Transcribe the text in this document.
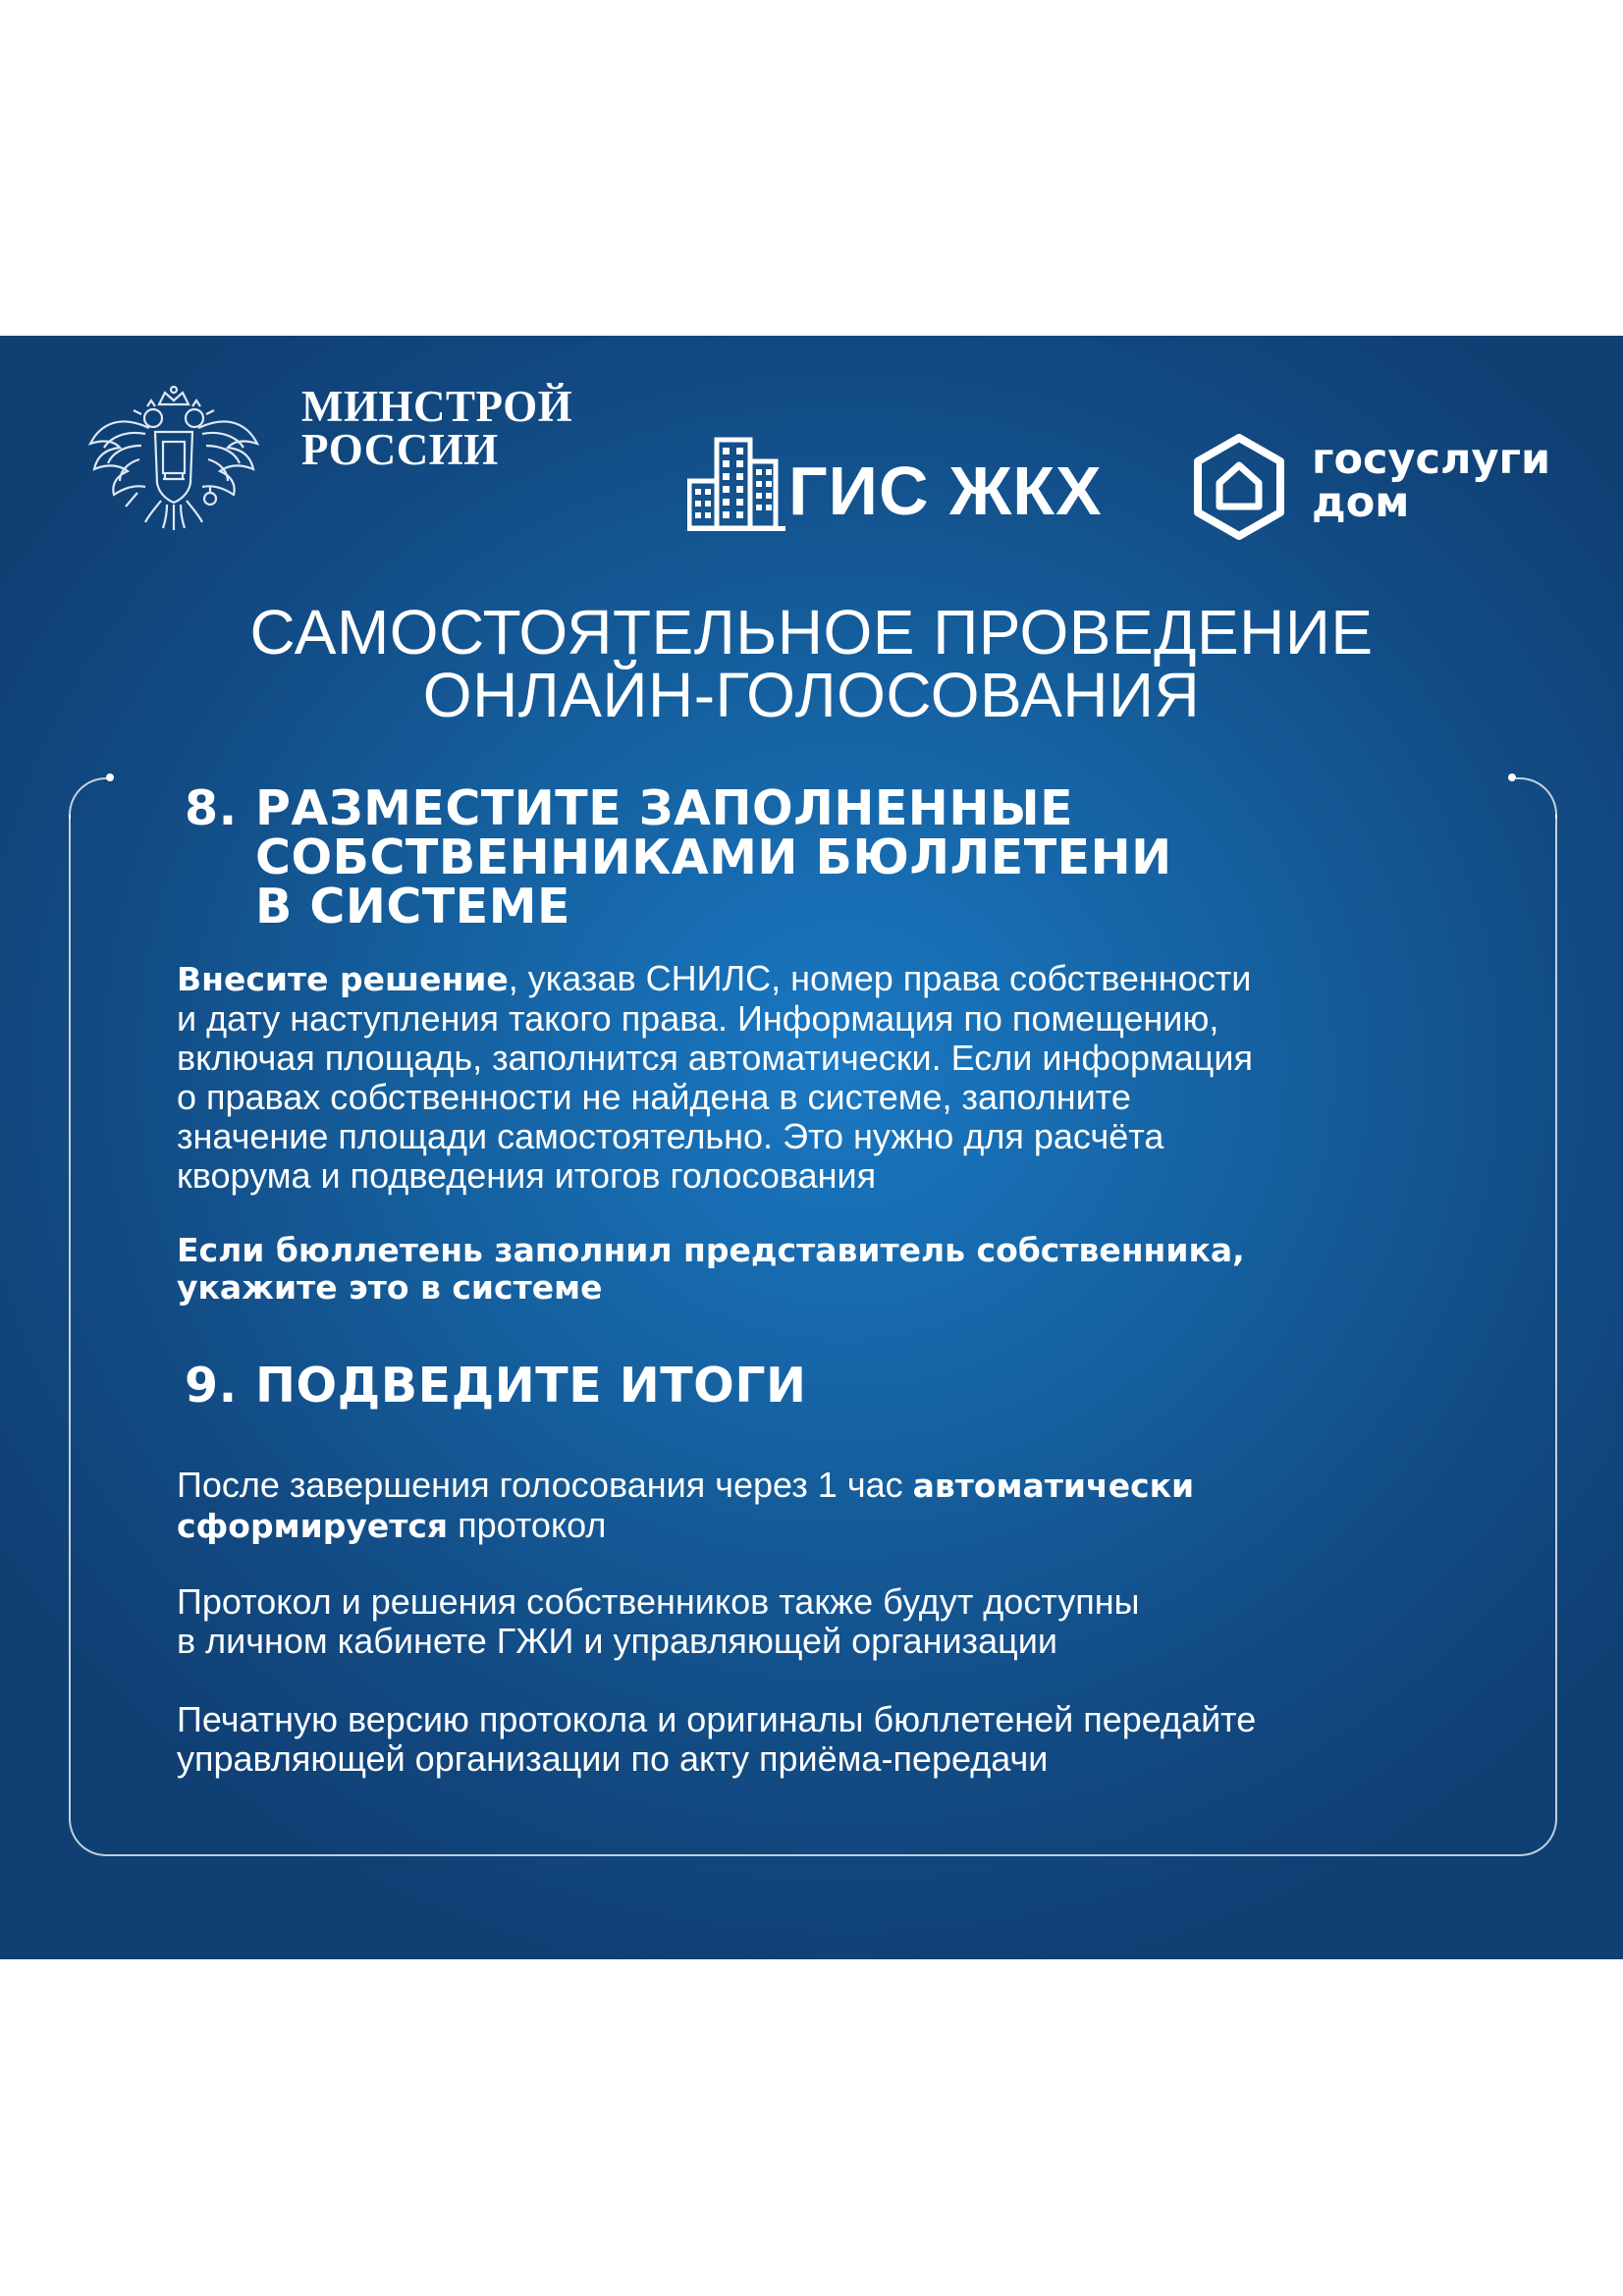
МИНСТРОЙ
РОССИИ
ГИС ЖКХ	госуслуги
дом
САМОСТОЯТЕЛЬНОЕ ПРОВЕДЕНИЕ
ОНЛАЙН-ГОЛОСОВАНИЯ
8. РАЗМЕСТИТЕ ЗАПОЛНЕННЫЕ
СОБСТВЕННИКАМИ БЮЛЛЕТЕНИ
В СИСТЕМЕ
Внесите решение, указав СНИЛС, номер права собственности
и дату наступления такого права. Информация по помещению,
включая площадь, заполнится автоматически. Если информация
о правах собственности не найдена в системе, заполните
значение площади самостоятельно. Это нужно для расчёта
кворума и подведения итогов голосования
Если бюллетень заполнил представитель собственника,
укажите это в системе
9. ПОДВЕДИТЕ ИТОГИ
После завершения голосования через 1 час автоматически
сформируется протокол
Протокол и решения собственников также будут доступны
в личном кабинете ГЖИ и управляющей организации
Печатную версию протокола и оригиналы бюллетеней передайте
управляющей организации по акту приёма-передачи
